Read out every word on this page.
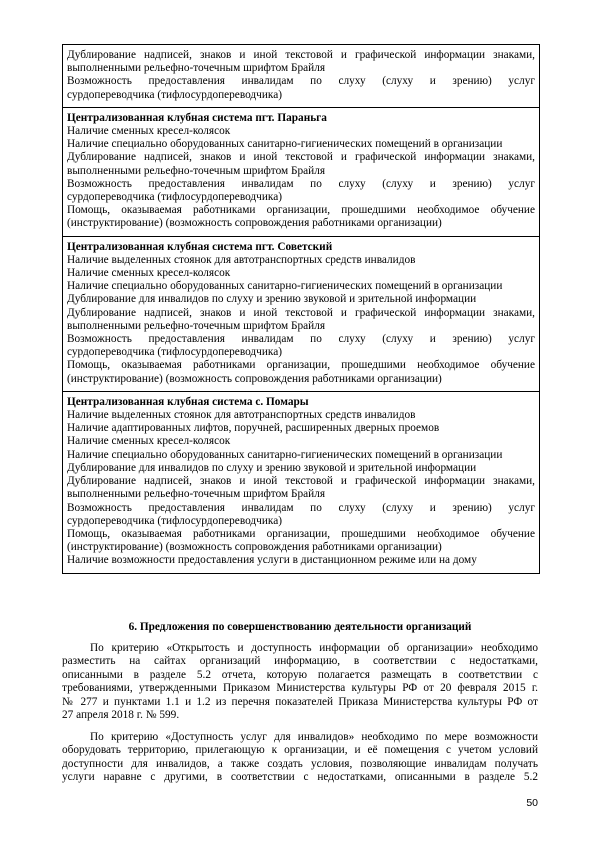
Дублирование надписей, знаков и иной текстовой и графической информации знаками,
выполненными рельефно-точечным шрифтом Брайля
Возможность предоставления инвалидам по слуху (слуху и зрению) услуг
сурдопереводчика (тифлосурдопереводчика)
Централизованная клубная система пгт. Параньга
Наличие сменных кресел-колясок
Наличие специально оборудованных санитарно-гигиенических помещений в организации
Дублирование надписей, знаков и иной текстовой и графической информации знаками,
выполненными рельефно-точечным шрифтом Брайля
Возможность предоставления инвалидам по слуху (слуху и зрению) услуг
сурдопереводчика (тифлосурдопереводчика)
Помощь, оказываемая работниками организации, прошедшими необходимое обучение
(инструктирование) (возможность сопровождения работниками организации)
Централизованная клубная система пгт. Советский
Наличие выделенных стоянок для автотранспортных средств инвалидов
Наличие сменных кресел-колясок
Наличие специально оборудованных санитарно-гигиенических помещений в организации
Дублирование для инвалидов по слуху и зрению звуковой и зрительной информации
Дублирование надписей, знаков и иной текстовой и графической информации знаками,
выполненными рельефно-точечным шрифтом Брайля
Возможность предоставления инвалидам по слуху (слуху и зрению) услуг
сурдопереводчика (тифлосурдопереводчика)
Помощь, оказываемая работниками организации, прошедшими необходимое обучение
(инструктирование) (возможность сопровождения работниками организации)
Централизованная клубная система с. Помары
Наличие выделенных стоянок для автотранспортных средств инвалидов
Наличие адаптированных лифтов, поручней, расширенных дверных проемов
Наличие сменных кресел-колясок
Наличие специально оборудованных санитарно-гигиенических помещений в организации
Дублирование для инвалидов по слуху и зрению звуковой и зрительной информации
Дублирование надписей, знаков и иной текстовой и графической информации знаками,
выполненными рельефно-точечным шрифтом Брайля
Возможность предоставления инвалидам по слуху (слуху и зрению) услуг
сурдопереводчика (тифлосурдопереводчика)
Помощь, оказываемая работниками организации, прошедшими необходимое обучение
(инструктирование) (возможность сопровождения работниками организации)
Наличие возможности предоставления услуги в дистанционном режиме или на дому
6. Предложения по совершенствованию деятельности организаций
По критерию «Открытость и доступность информации об организации» необходимо
разместить на сайтах организаций информацию, в соответствии с недостатками,
описанными в разделе 5.2 отчета, которую полагается размещать в соответствии с
требованиями, утвержденными Приказом Министерства культуры РФ от 20 февраля 2015 г.
№ 277 и пунктами 1.1 и 1.2 из перечня показателей Приказа Министерства культуры РФ от
27 апреля 2018 г. № 599.
По критерию «Доступность услуг для инвалидов» необходимо по мере возможности
оборудовать территорию, прилегающую к организации, и её помещения с учетом условий
доступности для инвалидов, а также создать условия, позволяющие инвалидам получать
услуги наравне с другими, в соответствии с недостатками, описанными в разделе 5.2
50
